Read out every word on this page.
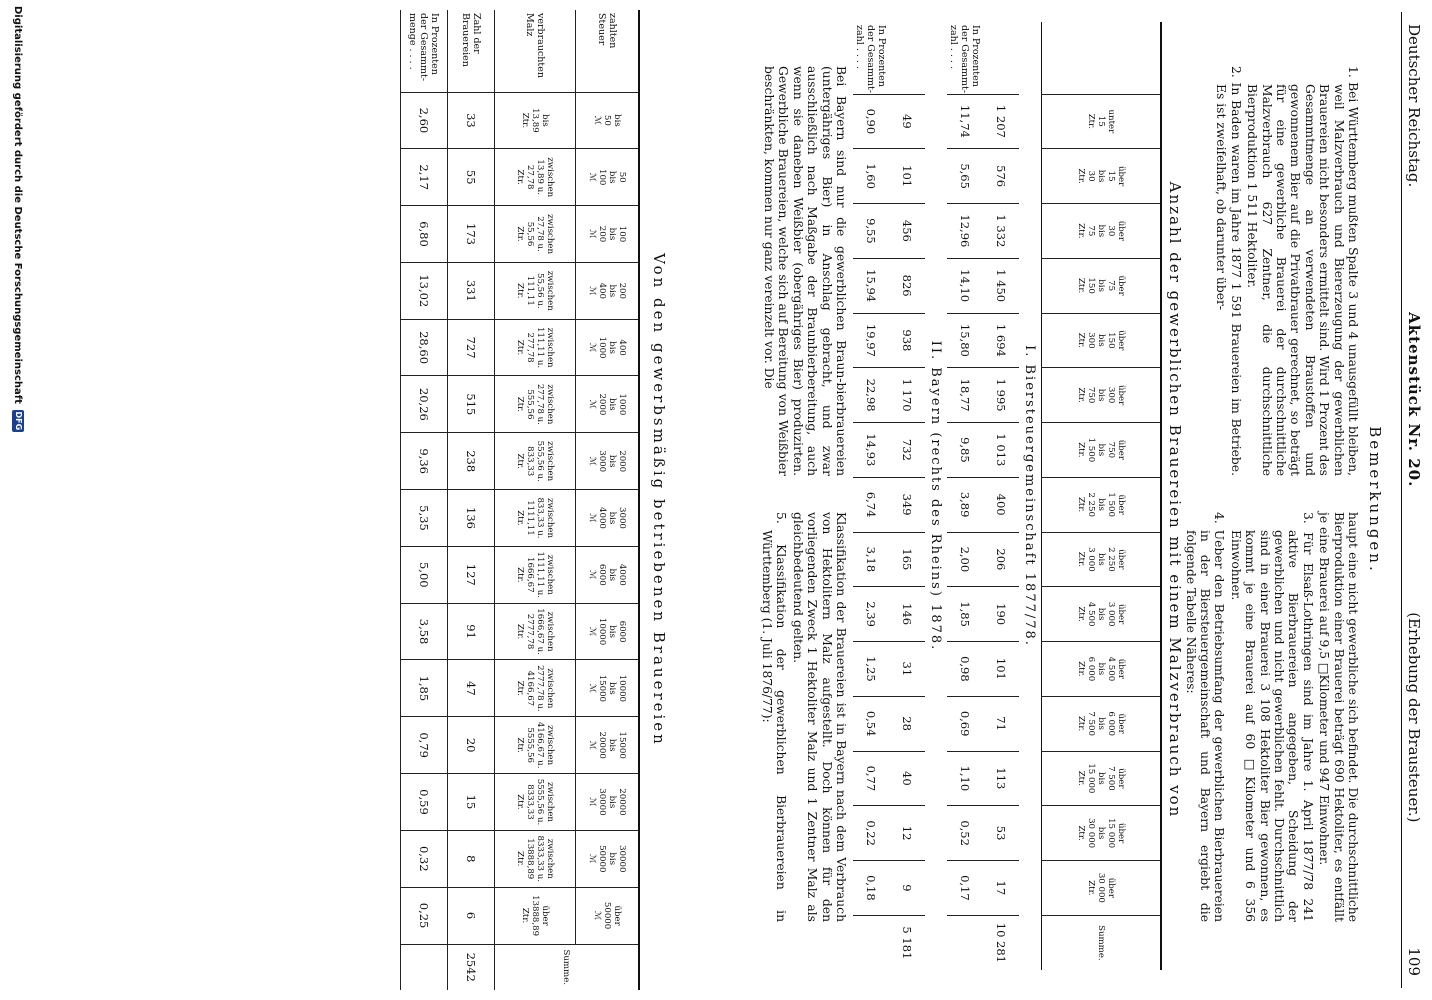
Deutscher Reichstag.
Aktenstück Nr. 20.
(Erhebung der Brausteuer.)
109
Bemerkungen.

1. Bei Württemberg mußten Spalte 3 und 4 unausgefüllt bleiben, weil Malzverbrauch und Biererzeugung der gewerblichen Brauereien nicht besonders ermittelt sind. Wird 1 Prozent des Gesammtmenge an verwendeten Braustoffen und gewonnenem Bier auf die Privatbrauer gerechnet, so beträgt für eine gewerbliche Brauerei der durchschnittliche Malzverbrauch 627 Zentner, die durchschnittliche Bierproduktion 1 511 Hektoliter.

2. In Baden waren im Jahre 1877 1 591 Brauereien im Betriebe. Es ist zweifelhaft, ob darunter über-

haupt eine nicht gewerbliche sich befindet. Die durchschnittliche Bierproduktion einer Brauerei beträgt 690 Hektoliter, es entfällt je eine Brauerei auf 9,5 □Kilometer und 947 Einwohner.

3. Für Elsaß-Lothringen sind im Jahre 1. April 1877/78 241 aktive Bierbrauereien angegeben, Scheidung der gewerblichen und nicht gewerblichen fehlt. Durchschnittlich sind in einer Brauerei 3 108 Hektoliter Bier gewonnen, es kommt je eine Brauerei auf 60 □Kilometer und 6 356 Einwohner.

4. Ueber den Betriebsumfang der gewerblichen Bierbrauereien in der Biersteuergemeinschaft und Bayern ergiebt die folgende Tabelle Näheres:

Anzahl der gewerblichen Brauereien mit einem Malzverbrauch von
	unter
15
Ztr.	über
15
bis
30
Ztr.	über
30
bis
75
Ztr.	über
75
bis
150
Ztr.	über
150
bis
300
Ztr.	über
300
bis
750
Ztr.	über
750
bis
1 500
Ztr.	über
1 500
bis
2 250
Ztr.	über
2 250
bis
3 000
Ztr.	über
3 000
bis
4 500
Ztr.	über
4 500
bis
6 000
Ztr.	über
6 000
bis
7 500
Ztr.	über
7 500
bis
15 000
Ztr.	über
15 000
bis
30 000
Ztr.	über
30 000
Ztr.	Summe.
I. Biersteuergemeinschaft 1877/78.																
	1 207	576	1 332	1 450	1 694	1 995	1 013	400	206	190	101	71	113	53	17	10 281
In Prozenten
der Gesammt-
zahl . . . .	11,74	5,65	12,96	14,10	15,80	18,77	9,85	3,89	2,00	1,85	0,98	0,69	1,10	0,52	0,17	
II. Bayern (rechts des Rheins) 1878.																
	49	101	456	826	938	1 170	732	349	165	146	31	28	40	12	9	5 181
In Prozenten
der Gesammt-
zahl . . . .	0,90	1,60	9,55	15,94	19,97	22,98	14,93	6,74	3,18	2,39	1,25	0,54	0,77	0,22	0,18	

Bei Bayern sind nur die gewerblichen Braun-bierbrauereien (untergähriges Bier) in Anschlag gebracht, und zwar ausschließlich nach Maßgabe der Braunbierbereitung, auch wenn sie daneben Weißbier (obergähriges Bier) produzirten. Gewerbliche Brauereien, welche sich auf Bereitung von Weißbier beschränkten, kommen nur ganz vereinzelt vor. Die

Klassifikation der Brauereien ist in Bayern nach dem Verbrauch von Hektolitern Malz aufgestellt. Doch können für den vorliegenden Zweck 1 Hektoliter Malz und 1 Zentner Malz als gleichbedeutend gelten.

5. Klassifikation der gewerblichen Bierbrauereien in Württemberg (1. Juli 1876/77):

Von den gewerbsmäßig betriebenen Brauereien
zahlten
Steuer	bis
50
ℳ	50
bis
100
ℳ	100
bis
200
ℳ	200
bis
400
ℳ	400
bis
1000
ℳ	1000
bis
2000
ℳ	2000
bis
3000
ℳ	3000
bis
4000
ℳ	4000
bis
6000
ℳ	6000
bis
10000
ℳ	10000
bis
15000
ℳ	15000
bis
20000
ℳ	20000
bis
30000
ℳ	30000
bis
50000
ℳ	über
50000
ℳ	Summe.
verbrauchten
Malz	bis
13,89
Ztr.	zwischen
13,89 u.
27,78
Ztr.	zwischen
27,78 u.
55,56
Ztr.	zwischen
55,56 u.
111,11
Ztr.	zwischen
111,11 u.
277,78
Ztr.	zwischen
277,78 u.
555,56
Ztr.	zwischen
555,56 u.
833,33
Ztr.	zwischen
833,33 u.
1111,11
Ztr.	zwischen
1111,11 u.
1666,67
Ztr.	zwischen
1666,67 u.
2777,78
Ztr.	zwischen
2777,78 u.
4166,67
Ztr.	zwischen
4166,67 u.
5555,56
Ztr.	zwischen
5555,56 u.
8333,33
Ztr.	zwischen
8333,33 u.
13888,89
Ztr.	über
13888,89
Ztr.	
Zahl der
Brauereien	33	55	173	331	727	515	238	136	127	91	47	20	15	8	6	2542
In Prozenten
der Gesammt-
menge . . . .	2,60	2,17	6,80	13,02	28,60	20,26	9,36	5,35	5,00	3,58	1,85	0,79	0,59	0,32	0,25	
Digitalisierung gefördert durch die Deutsche Forschungsgemeinschaft
DFG
